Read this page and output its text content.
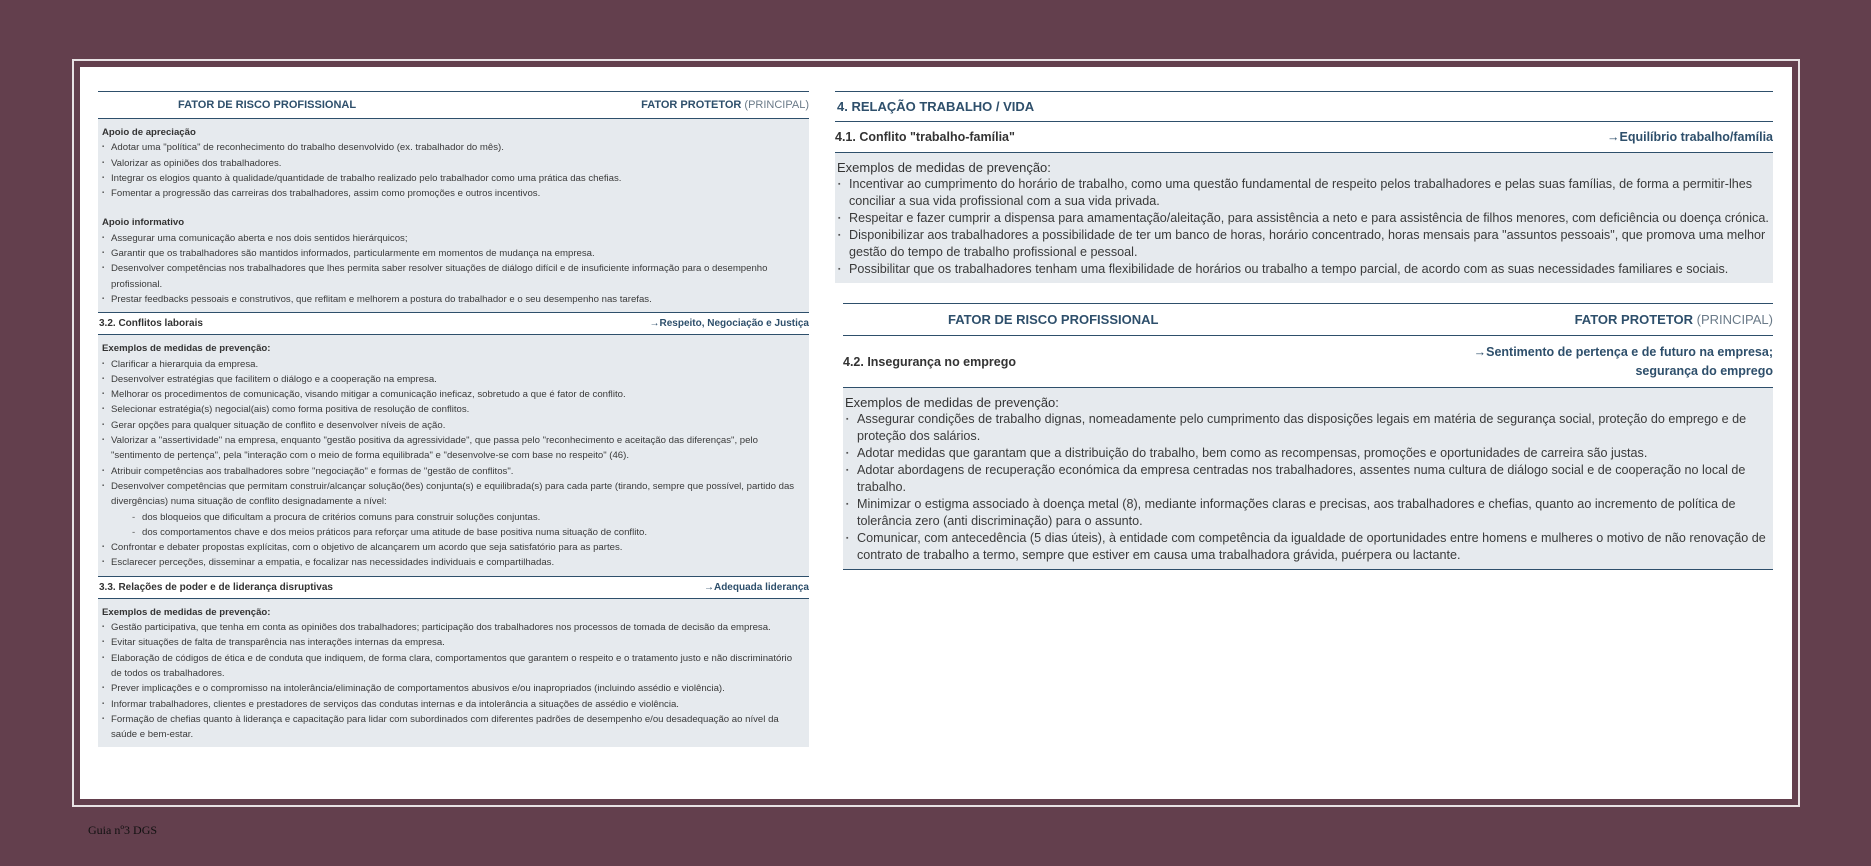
FATOR DE RISCO PROFISSIONAL	FATOR PROTETOR (PRINCIPAL)
Apoio de apreciação
▪ Adotar uma "política" de reconhecimento do trabalho desenvolvido (ex. trabalhador do mês).
▪ Valorizar as opiniões dos trabalhadores.
▪ Integrar os elogios quanto à qualidade/quantidade de trabalho realizado pelo trabalhador como uma prática das chefias.
▪ Fomentar a progressão das carreiras dos trabalhadores, assim como promoções e outros incentivos.
Apoio informativo
▪ Assegurar uma comunicação aberta e nos dois sentidos hierárquicos;
▪ Garantir que os trabalhadores são mantidos informados, particularmente em momentos de mudança na empresa.
▪ Desenvolver competências nos trabalhadores que lhes permita saber resolver situações de diálogo difícil e de insuficiente informação para o desempenho profissional.
▪ Prestar feedbacks pessoais e construtivos, que reflitam e melhorem a postura do trabalhador e o seu desempenho nas tarefas.
3.2. Conflitos laborais	→Respeito, Negociação e Justiça
Exemplos de medidas de prevenção:
▪ Clarificar a hierarquia da empresa.
▪ Desenvolver estratégias que facilitem o diálogo e a cooperação na empresa.
▪ Melhorar os procedimentos de comunicação, visando mitigar a comunicação ineficaz, sobretudo a que é fator de conflito.
▪ Selecionar estratégia(s) negocial(ais) como forma positiva de resolução de conflitos.
▪ Gerar opções para qualquer situação de conflito e desenvolver níveis de ação.
▪ Valorizar a "assertividade" na empresa, enquanto "gestão positiva da agressividade", que passa pelo "reconhecimento e aceitação das diferenças", pelo "sentimento de pertença", pela "interação com o meio de forma equilibrada" e "desenvolve-se com base no respeito" (46).
▪ Atribuir competências aos trabalhadores sobre "negociação" e formas de "gestão de conflitos".
▪ Desenvolver competências que permitam construir/alcançar solução(ões) conjunta(s) e equilibrada(s) para cada parte (tirando, sempre que possível, partido das divergências) numa situação de conflito designadamente a nível:
- dos bloqueios que dificultam a procura de critérios comuns para construir soluções conjuntas.
- dos comportamentos chave e dos meios práticos para reforçar uma atitude de base positiva numa situação de conflito.
▪ Confrontar e debater propostas explícitas, com o objetivo de alcançarem um acordo que seja satisfatório para as partes.
▪ Esclarecer perceções, disseminar a empatia, e focalizar nas necessidades individuais e compartilhadas.
3.3. Relações de poder e de liderança disruptivas	→Adequada liderança
Exemplos de medidas de prevenção:
▪ Gestão participativa, que tenha em conta as opiniões dos trabalhadores; participação dos trabalhadores nos processos de tomada de decisão da empresa.
▪ Evitar situações de falta de transparência nas interações internas da empresa.
▪ Elaboração de códigos de ética e de conduta que indiquem, de forma clara, comportamentos que garantem o respeito e o tratamento justo e não discriminatório de todos os trabalhadores.
▪ Prever implicações e o compromisso na intolerância/eliminação de comportamentos abusivos e/ou inapropriados (incluindo assédio e violência).
▪ Informar trabalhadores, clientes e prestadores de serviços das condutas internas e da intolerância a situações de assédio e violência.
▪ Formação de chefias quanto à liderança e capacitação para lidar com subordinados com diferentes padrões de desempenho e/ou desadequação ao nível da saúde e bem-estar.
4. RELAÇÃO TRABALHO / VIDA
4.1. Conflito "trabalho-família"	→Equilíbrio trabalho/família
Exemplos de medidas de prevenção:
▪ Incentivar ao cumprimento do horário de trabalho, como uma questão fundamental de respeito pelos trabalhadores e pelas suas famílias, de forma a permitir-lhes conciliar a sua vida profissional com a sua vida privada.
▪ Respeitar e fazer cumprir a dispensa para amamentação/aleitação, para assistência a neto e para assistência de filhos menores, com deficiência ou doença crónica.
▪ Disponibilizar aos trabalhadores a possibilidade de ter um banco de horas, horário concentrado, horas mensais para "assuntos pessoais", que promova uma melhor gestão do tempo de trabalho profissional e pessoal.
▪ Possibilitar que os trabalhadores tenham uma flexibilidade de horários ou trabalho a tempo parcial, de acordo com as suas necessidades familiares e sociais.
FATOR DE RISCO PROFISSIONAL	FATOR PROTETOR (PRINCIPAL)
4.2. Insegurança no emprego
→Sentimento de pertença e de futuro na empresa;
segurança do emprego
Exemplos de medidas de prevenção:
▪ Assegurar condições de trabalho dignas, nomeadamente pelo cumprimento das disposições legais em matéria de segurança social, proteção do emprego e de proteção dos salários.
▪ Adotar medidas que garantam que a distribuição do trabalho, bem como as recompensas, promoções e oportunidades de carreira são justas.
▪ Adotar abordagens de recuperação económica da empresa centradas nos trabalhadores, assentes numa cultura de diálogo social e de cooperação no local de trabalho.
▪ Minimizar o estigma associado à doença metal (8), mediante informações claras e precisas, aos trabalhadores e chefias, quanto ao incremento de política de tolerância zero (anti discriminação) para o assunto.
▪ Comunicar, com antecedência (5 dias úteis), à entidade com competência da igualdade de oportunidades entre homens e mulheres o motivo de não renovação de contrato de trabalho a termo, sempre que estiver em causa uma trabalhadora grávida, puérpera ou lactante.
Guia nº3 DGS
